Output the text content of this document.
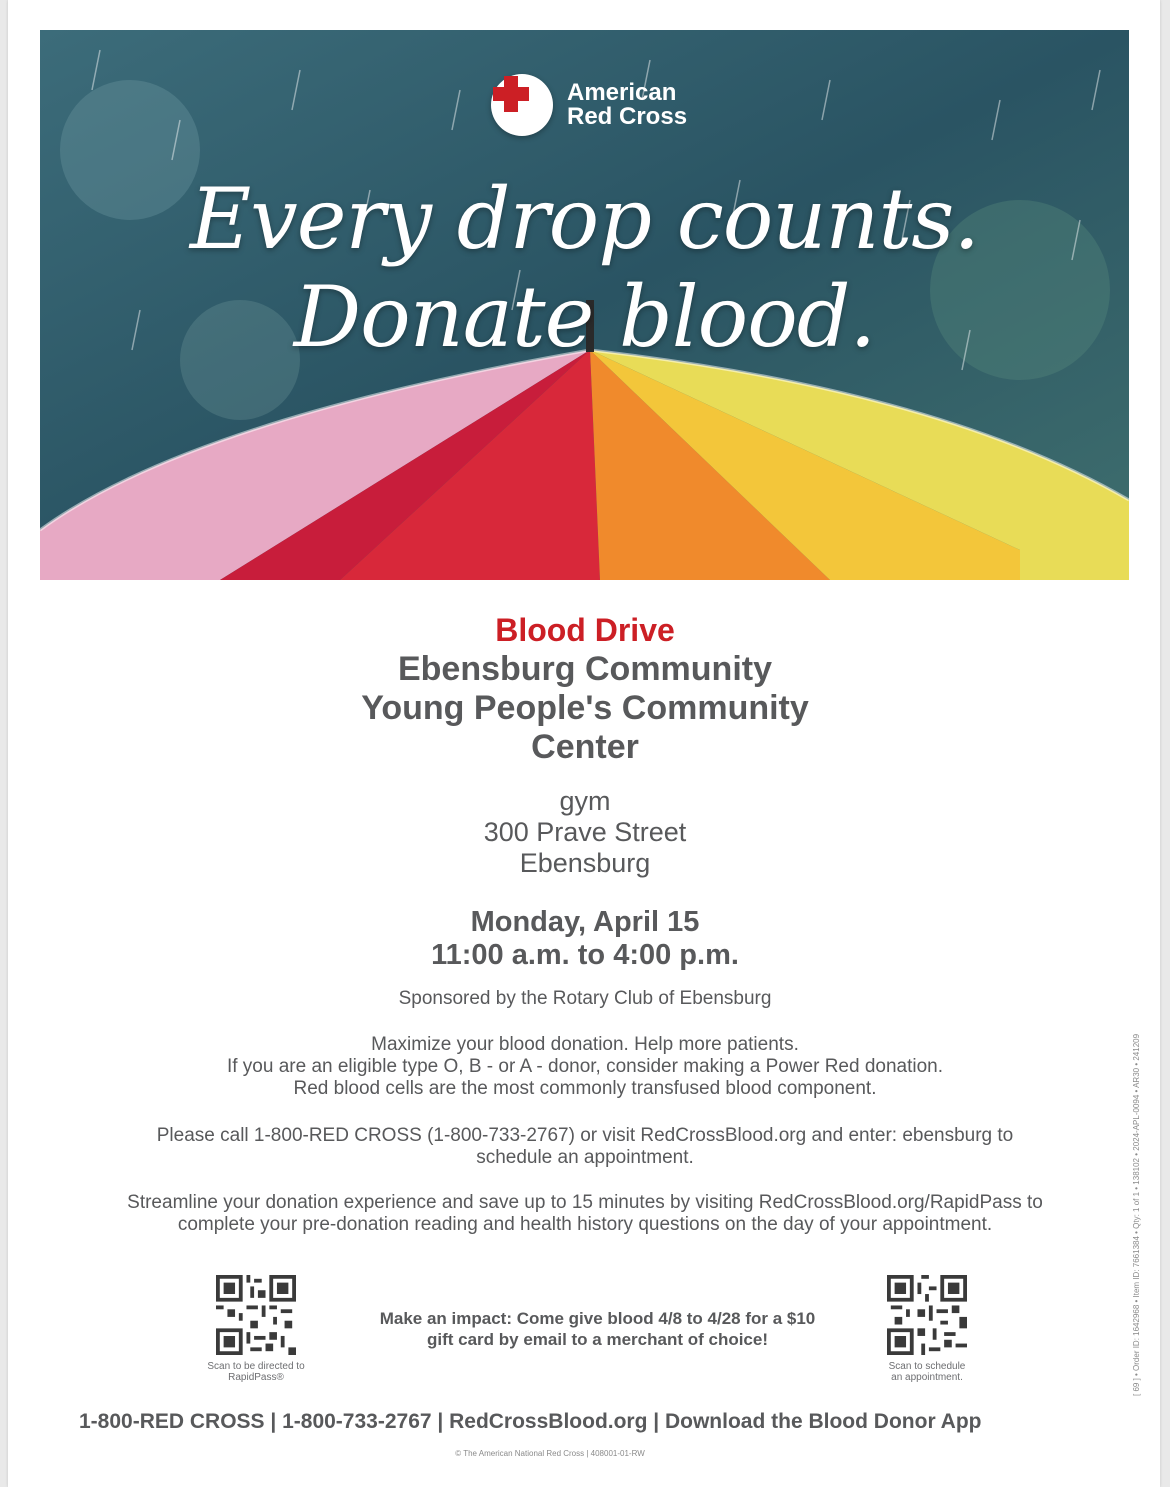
American
Red Cross
Every drop counts. Donate blood.
Blood Drive
Ebensburg Community
Young People's Community
Center
gym
300 Prave Street
Ebensburg
Monday, April 15
11:00 a.m. to 4:00 p.m.
Sponsored by the Rotary Club of Ebensburg
Maximize your blood donation. Help more patients.
If you are an eligible type O, B - or A - donor, consider making a Power Red donation.
Red blood cells are the most commonly transfused blood component.
Please call 1-800-RED CROSS (1-800-733-2767) or visit RedCrossBlood.org and enter: ebensburg to
schedule an appointment.
Streamline your donation experience and save up to 15 minutes by visiting RedCrossBlood.org/RapidPass to
complete your pre-donation reading and health history questions on the day of your appointment.
Scan to be directed to
RapidPass®
Make an impact: Come give blood 4/8 to 4/28 for a $10
gift card by email to a merchant of choice!
Scan to schedule
an appointment.
1-800-RED CROSS | 1-800-733-2767 | RedCrossBlood.org | Download the Blood Donor App
© The American National Red Cross | 408001-01-RW
[ 69 ] • Order ID: 1642968 • Item ID: 7661384 • Qty: 1 of 1 • 138102 • 2024-APL-0094 • AR30 • 241209
